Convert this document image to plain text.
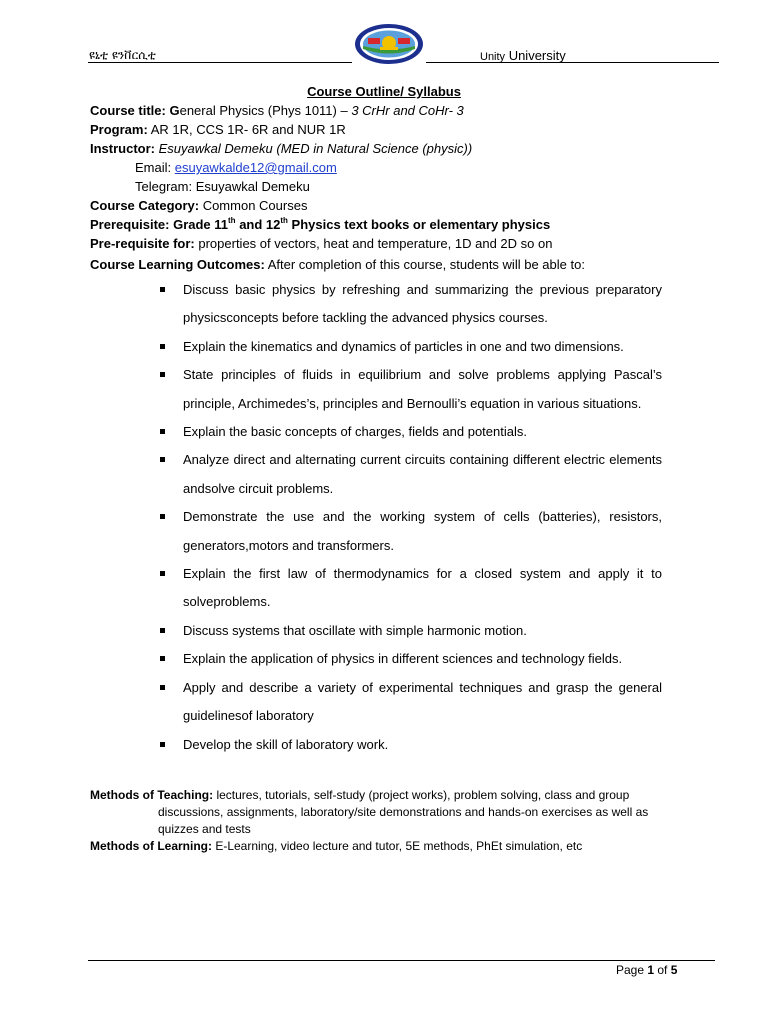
ዩኒቲ ዩንቨርሲቲ	Unity University
Course Outline/ Syllabus
Course title: General Physics (Phys 1011) – 3 CrHr and CoHr- 3
Program: AR 1R, CCS 1R- 6R and NUR 1R
Instructor: Esuyawkal Demeku (MED in Natural Science (physic))
Email: esuyawkalde12@gmail.com
Telegram: Esuyawkal Demeku
Course Category: Common Courses
Prerequisite: Grade 11th and 12th Physics text books or elementary physics
Pre-requisite for: properties of vectors, heat and temperature, 1D and 2D so on
Course Learning Outcomes: After completion of this course, students will be able to:

Discuss basic physics by refreshing and summarizing the previous preparatory physicsconcepts before tackling the advanced physics courses.

Explain the kinematics and dynamics of particles in one and two dimensions.

State principles of fluids in equilibrium and solve problems applying Pascal’s principle, Archimedes’s, principles and Bernoulli’s equation in various situations.

Explain the basic concepts of charges, fields and potentials.

Analyze direct and alternating current circuits containing different electric elements andsolve circuit problems.

Demonstrate the use and the working system of cells (batteries), resistors, generators,motors and transformers.

Explain the first law of thermodynamics for a closed system and apply it to solveproblems.

Discuss systems that oscillate with simple harmonic motion.

Explain the application of physics in different sciences and technology fields.

Apply and describe a variety of experimental techniques and grasp the general guidelinesof laboratory

Develop the skill of laboratory work.

Methods of Teaching: lectures, tutorials, self-study (project works), problem solving, class and group
discussions, assignments, laboratory/site demonstrations and hands-on exercises as well as
quizzes and tests
Methods of Learning: E-Learning, video lecture and tutor, 5E methods, PhEt simulation, etc
Page 1 of 5
